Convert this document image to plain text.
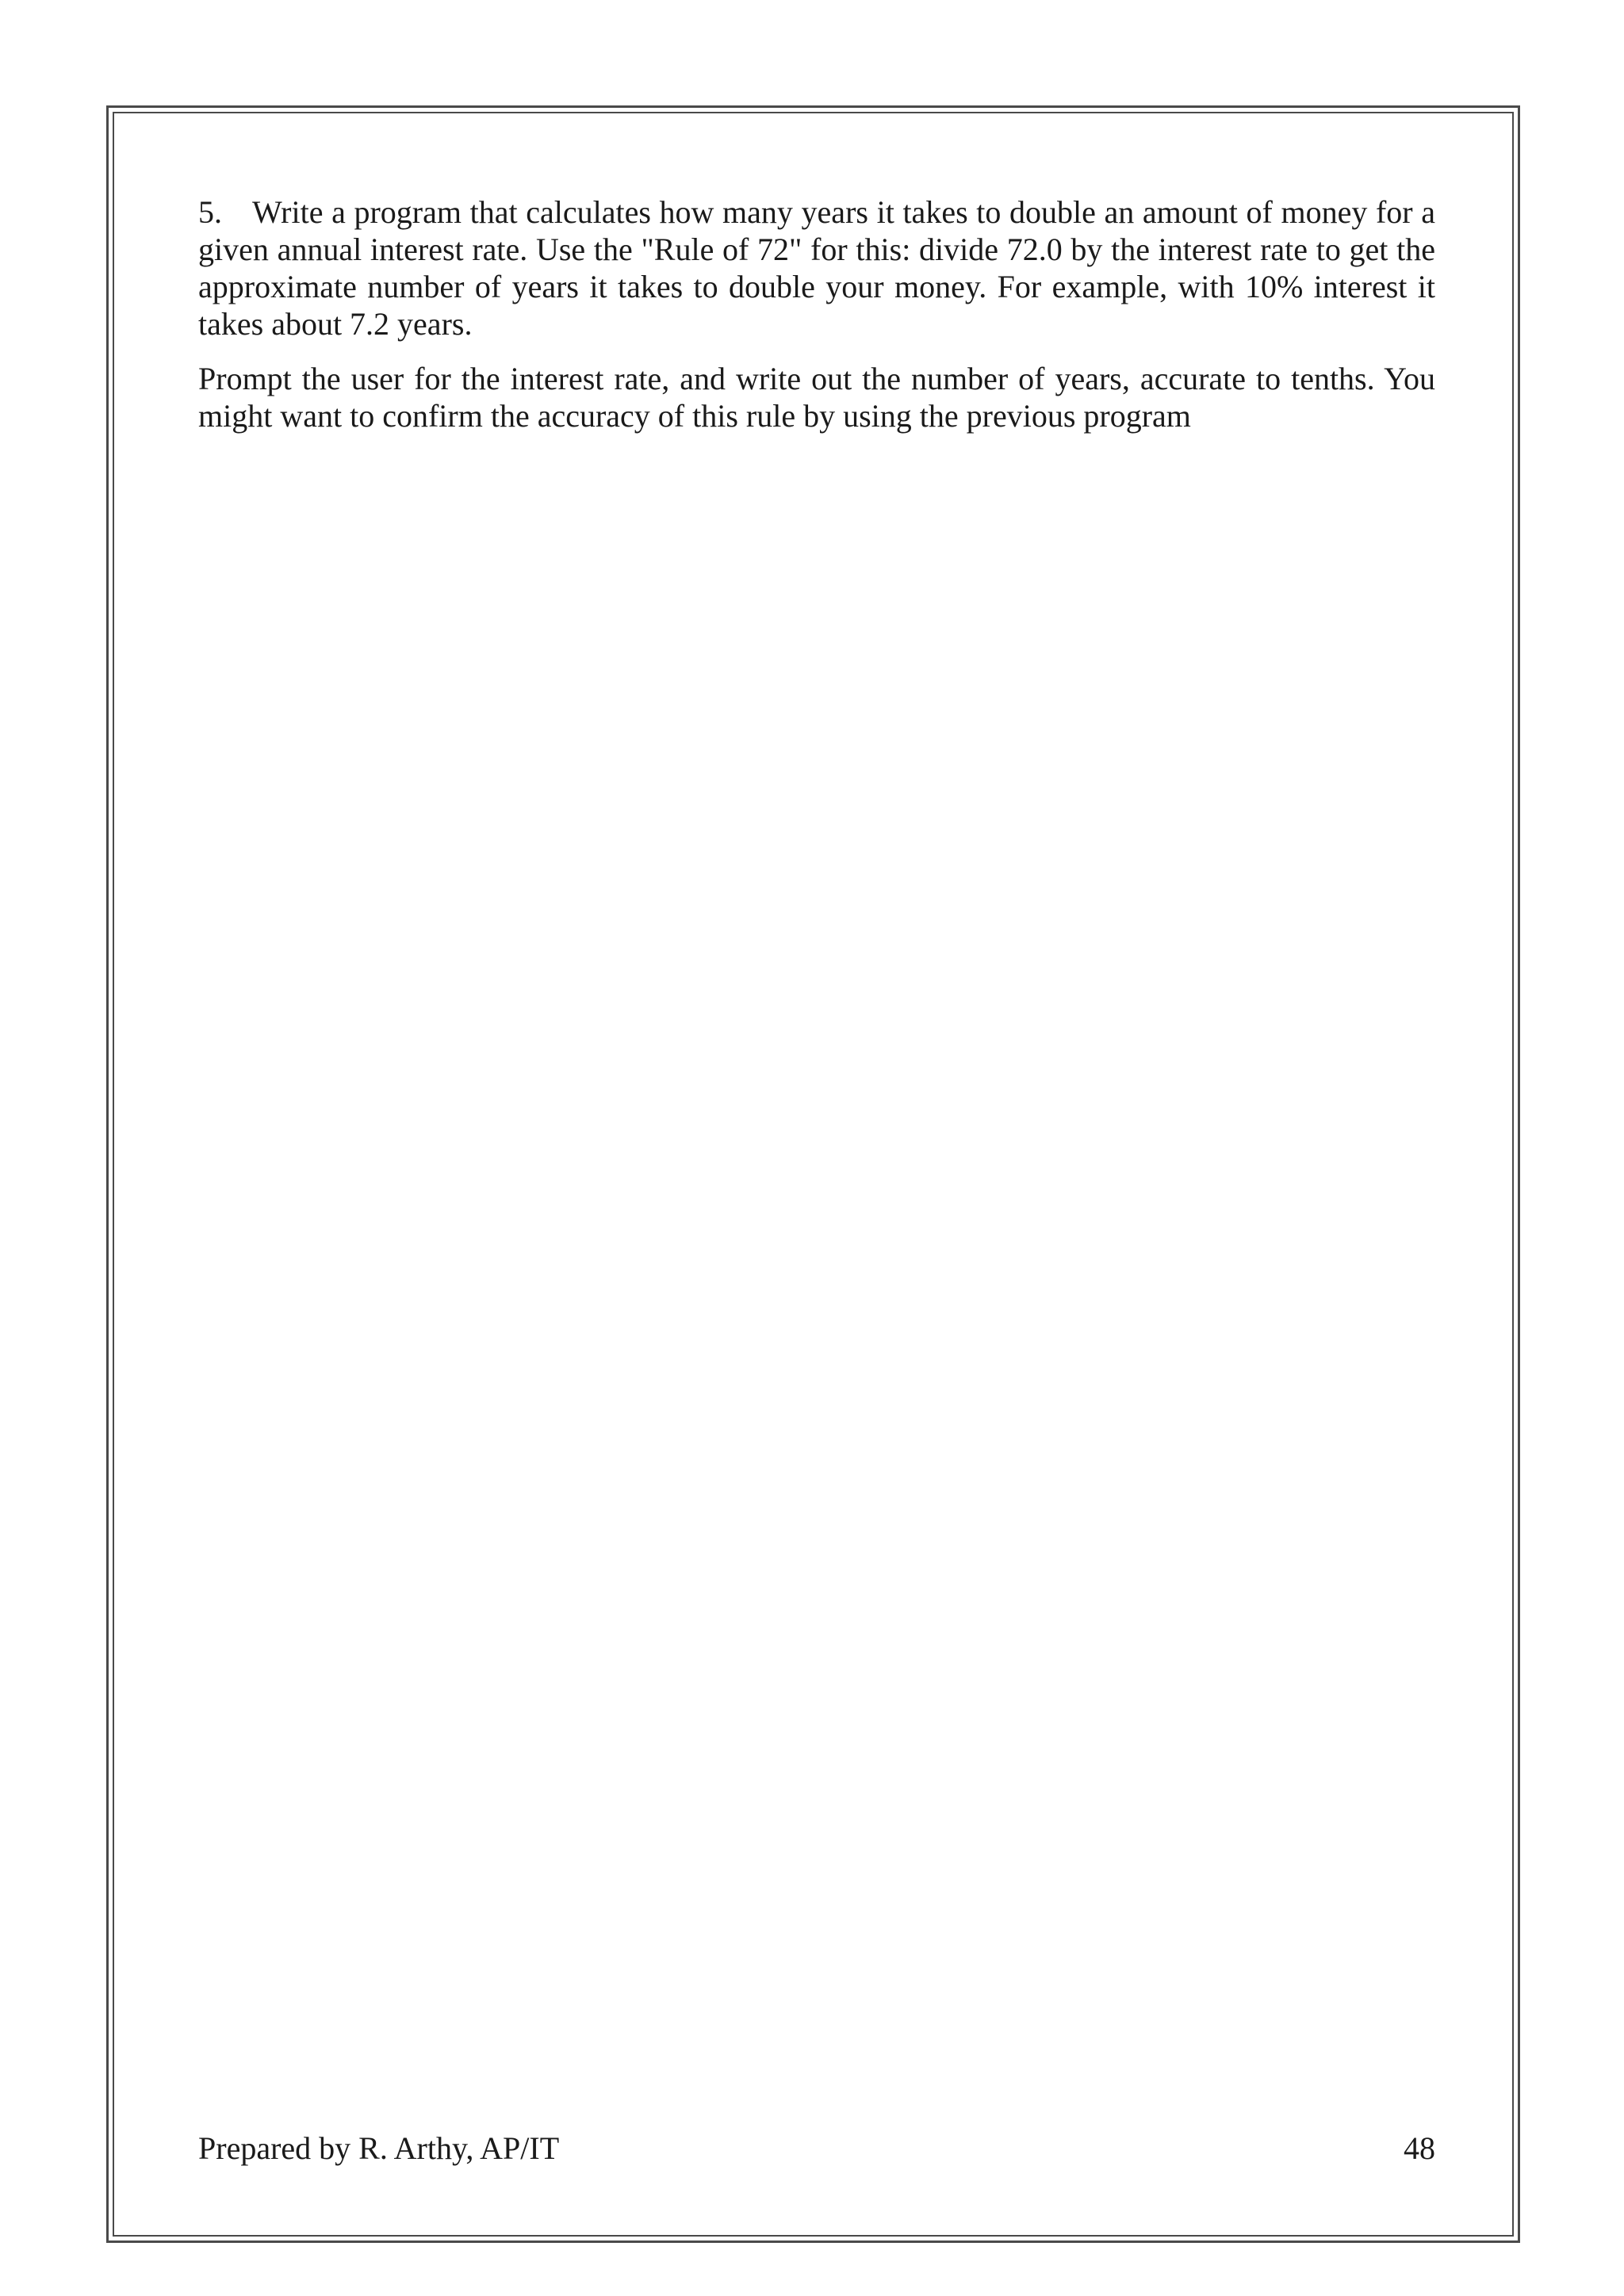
5. Write a program that calculates how many years it takes to double an amount of money for a given annual interest rate. Use the "Rule of 72" for this: divide 72.0 by the interest rate to get the approximate number of years it takes to double your money. For example, with 10% interest it takes about 7.2 years.

Prompt the user for the interest rate, and write out the number of years, accurate to tenths. You might want to confirm the accuracy of this rule by using the previous program

Prepared by R. Arthy, AP/IT	48
